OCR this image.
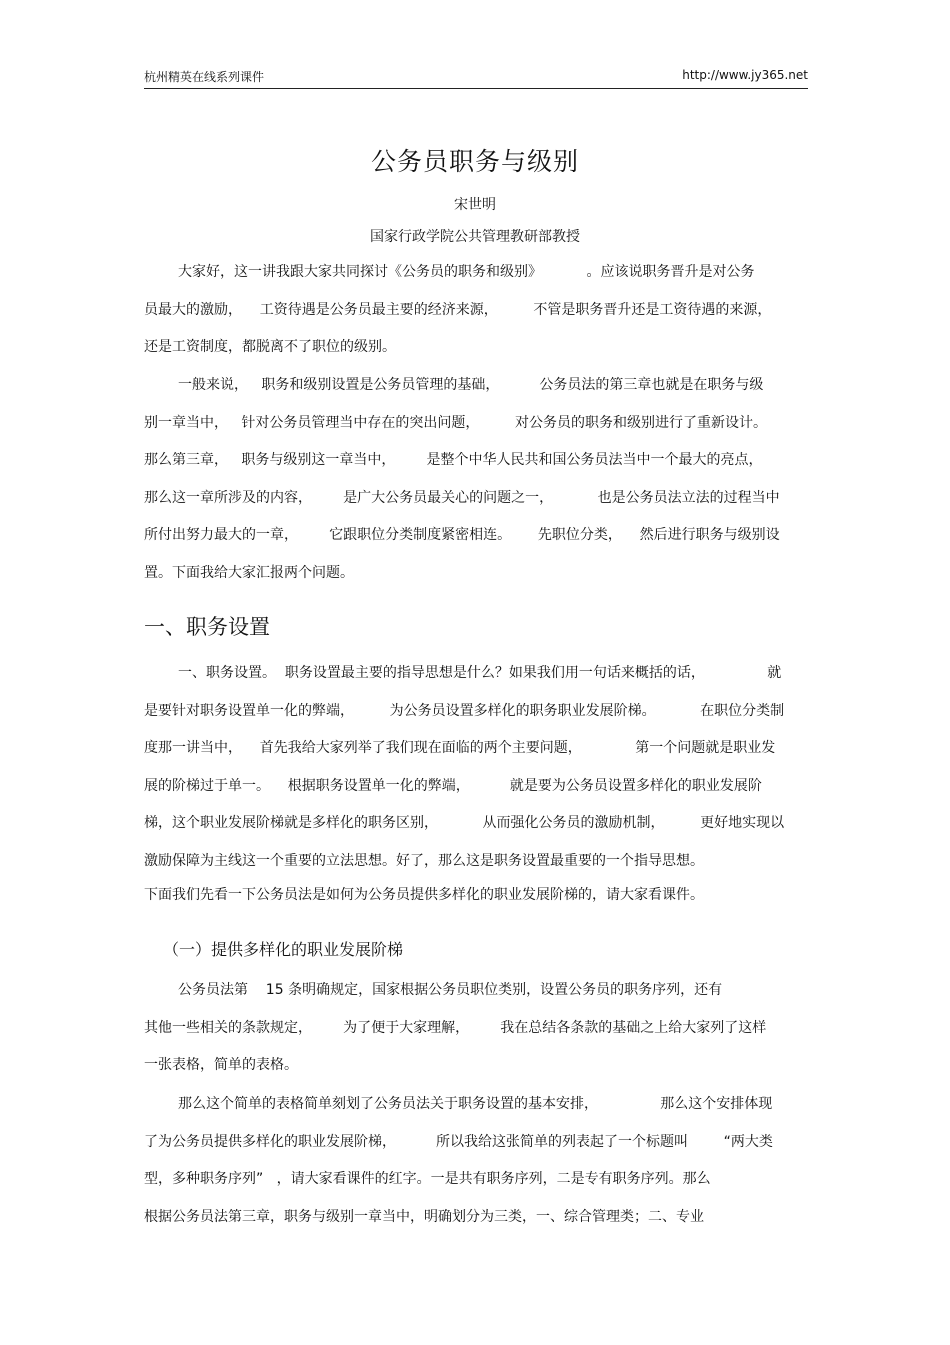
杭州精英在线系列课件	http://www.jy365.net
公务员职务与级别
宋世明
国家行政学院公共管理教研部教授
大家好，这一讲我跟大家共同探讨《公务员的职务和级别》          。应该说职务晋升是对公务
员最大的激励，    工资待遇是公务员最主要的经济来源，        不管是职务晋升还是工资待遇的来源，
还是工资制度，都脱离不了职位的级别。
一般来说，   职务和级别设置是公务员管理的基础，         公务员法的第三章也就是在职务与级
别一章当中，   针对公务员管理当中存在的突出问题，        对公务员的职务和级别进行了重新设计。
那么第三章，   职务与级别这一章当中，       是整个中华人民共和国公务员法当中一个最大的亮点，
那么这一章所涉及的内容，       是广大公务员最关心的问题之一，          也是公务员法立法的过程当中
所付出努力最大的一章，       它跟职位分类制度紧密相连。      先职位分类，    然后进行职务与级别设
置。下面我给大家汇报两个问题。
一、职务设置
一、职务设置。  职务设置最主要的指导思想是什么？如果我们用一句话来概括的话，              就
是要针对职务设置单一化的弊端，        为公务员设置多样化的职务职业发展阶梯。          在职位分类制
度那一讲当中，    首先我给大家列举了我们现在面临的两个主要问题，            第一个问题就是职业发
展的阶梯过于单一。    根据职务设置单一化的弊端，         就是要为公务员设置多样化的职业发展阶
梯，这个职业发展阶梯就是多样化的职务区别，          从而强化公务员的激励机制，        更好地实现以
激励保障为主线这一个重要的立法思想。好了，那么这是职务设置最重要的一个指导思想。
下面我们先看一下公务员法是如何为公务员提供多样化的职业发展阶梯的，请大家看课件。
（一）提供多样化的职业发展阶梯
公务员法第    15 条明确规定，国家根据公务员职位类别，设置公务员的职务序列，还有
其他一些相关的条款规定，       为了便于大家理解，       我在总结各条款的基础之上给大家列了这样
一张表格，简单的表格。
那么这个简单的表格简单刻划了公务员法关于职务设置的基本安排，              那么这个安排体现
了为公务员提供多样化的职业发展阶梯，         所以我给这张简单的列表起了一个标题叫        “两大类
型，多种职务序列”   ，请大家看课件的红字。一是共有职务序列，二是专有职务序列。那么
根据公务员法第三章，职务与级别一章当中，明确划分为三类，一、综合管理类；二、专业
